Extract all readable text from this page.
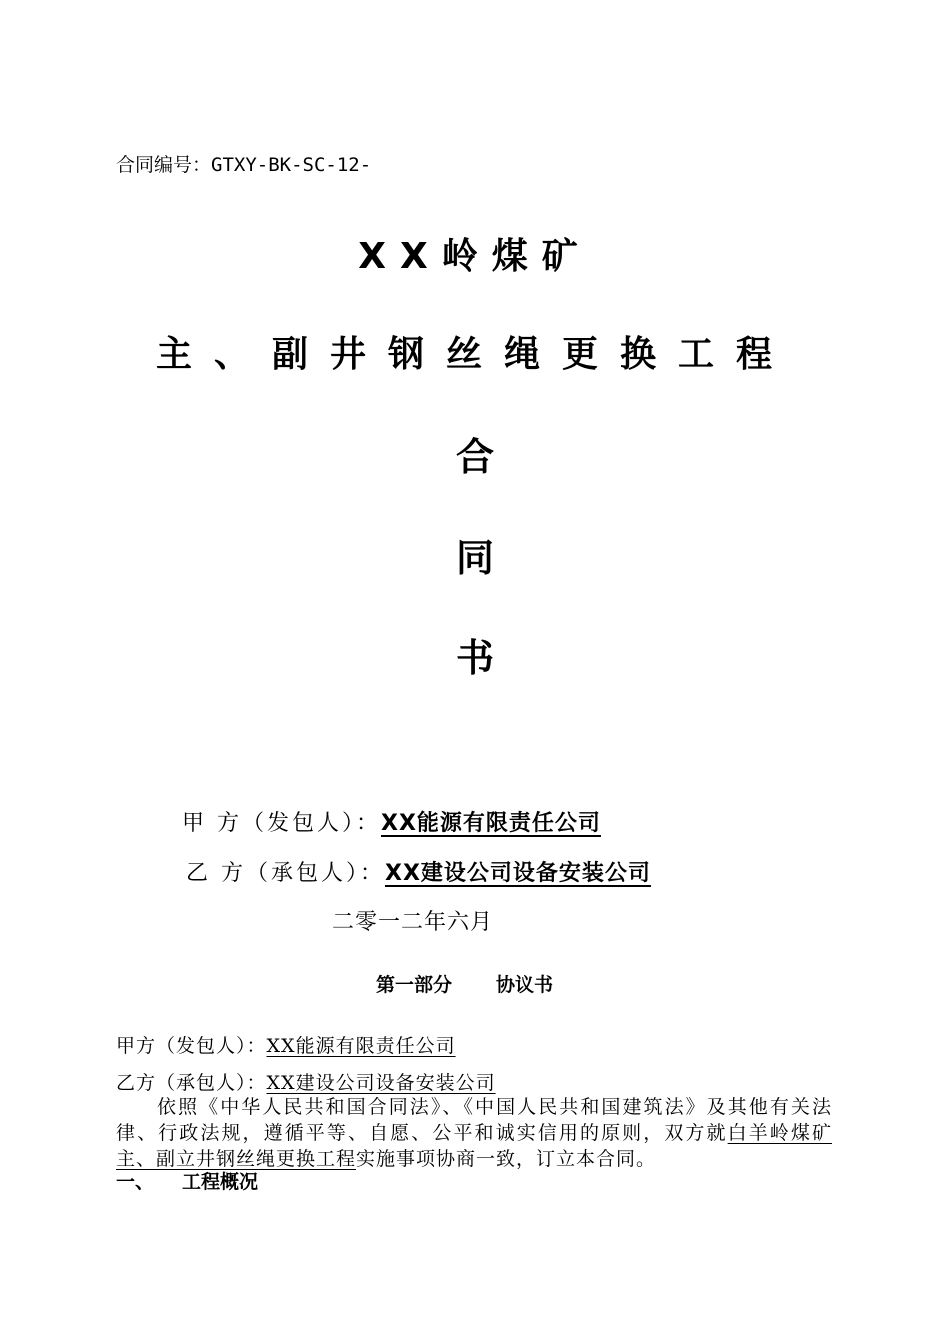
合同编号：GTXY-BK-SC-12-
XX岭煤矿
主、副井钢丝绳更换工程
合
同
书
甲 方（发包人）：XX能源有限责任公司
乙 方（承包人）：XX建设公司设备安装公司
二零一二年六月
第一部分 协议书
甲方（发包人）：XX能源有限责任公司
乙方（承包人）：XX建设公司设备安装公司
依照《中华人民共和国合同法》、《中国人民共和国建筑法》及其他有关法律、行政法规，遵循平等、自愿、公平和诚实信用的原则，双方就白羊岭煤矿主、副立井钢丝绳更换工程实施事项协商一致，订立本合同。
一、 工程概况
